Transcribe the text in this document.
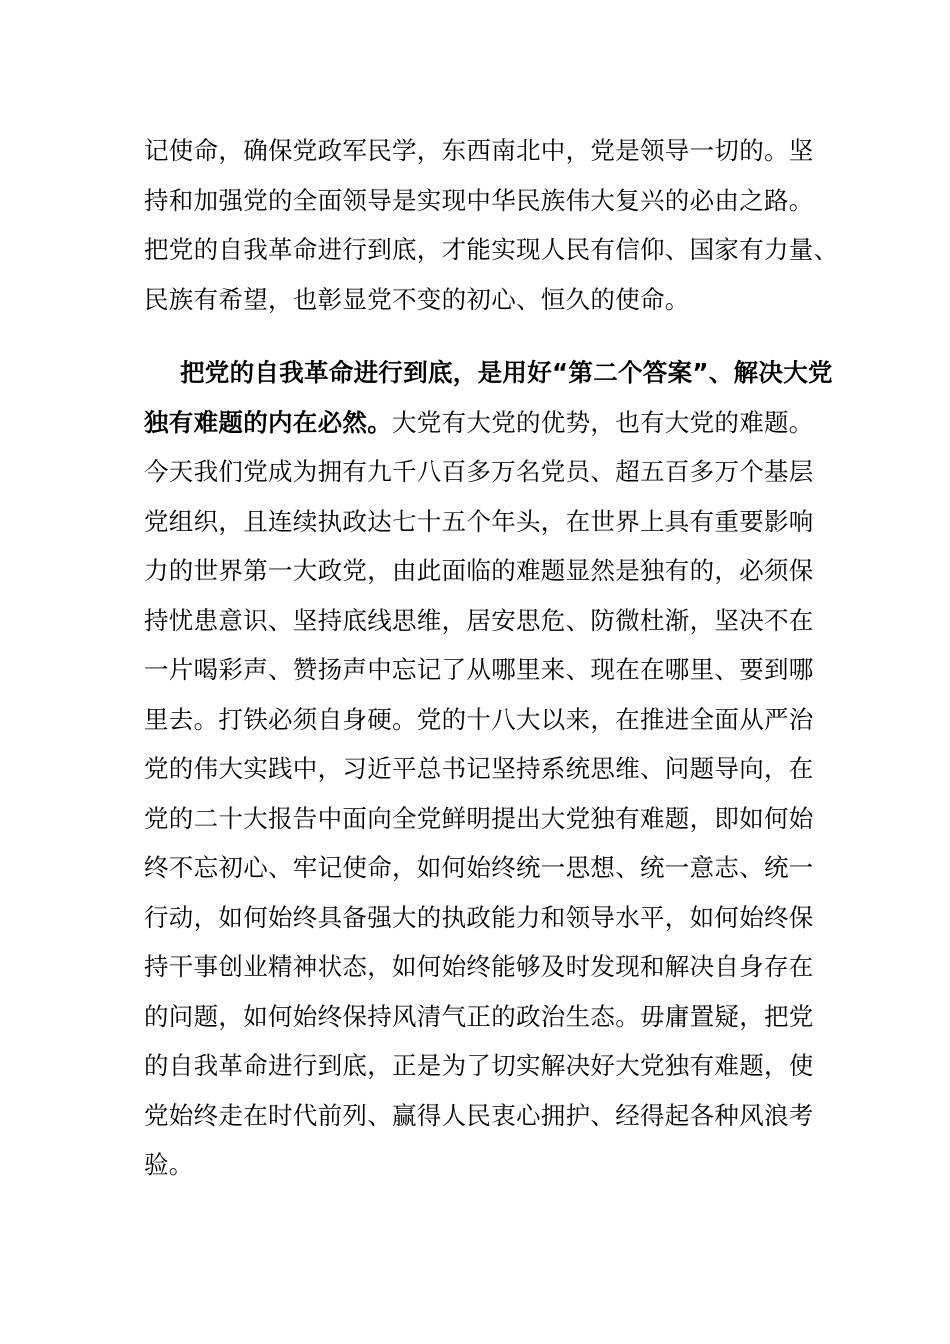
记使命，确保党政军民学，东西南北中，党是领导一切的。坚
持和加强党的全面领导是实现中华民族伟大复兴的必由之路。
把党的自我革命进行到底，才能实现人民有信仰、国家有力量、
民族有希望，也彰显党不变的初心、恒久的使命。
把党的自我革命进行到底，是用好“第二个答案”、解决大党
独有难题的内在必然。大党有大党的优势，也有大党的难题。
今天我们党成为拥有九千八百多万名党员、超五百多万个基层
党组织，且连续执政达七十五个年头，在世界上具有重要影响
力的世界第一大政党，由此面临的难题显然是独有的，必须保
持忧患意识、坚持底线思维，居安思危、防微杜渐，坚决不在
一片喝彩声、赞扬声中忘记了从哪里来、现在在哪里、要到哪
里去。打铁必须自身硬。党的十八大以来，在推进全面从严治
党的伟大实践中，习近平总书记坚持系统思维、问题导向，在
党的二十大报告中面向全党鲜明提出大党独有难题，即如何始
终不忘初心、牢记使命，如何始终统一思想、统一意志、统一
行动，如何始终具备强大的执政能力和领导水平，如何始终保
持干事创业精神状态，如何始终能够及时发现和解决自身存在
的问题，如何始终保持风清气正的政治生态。毋庸置疑，把党
的自我革命进行到底，正是为了切实解决好大党独有难题，使
党始终走在时代前列、赢得人民衷心拥护、经得起各种风浪考
验。
